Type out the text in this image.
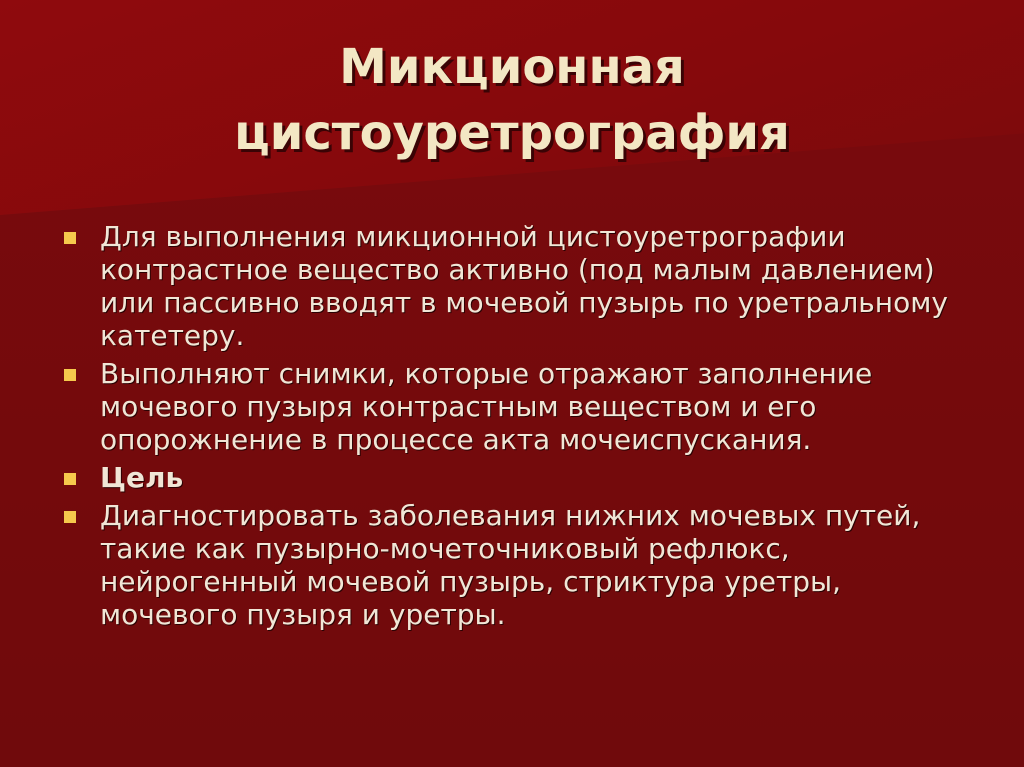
Микционная
цистоуретрография
Для выполнения микционной цистоуретрографии контрастное вещество активно (под малым давлением) или пассивно вводят в мочевой пузырь по уретральному катетеру.
Выполняют снимки, которые отражают заполнение мочевого пузыря контрастным веществом и его опорожнение в процессе акта мочеиспускания.
Цель
Диагностировать заболевания нижних мочевых путей, такие как пузырно-мочеточниковый рефлюкс, нейрогенный мочевой пузырь, стриктура уретры, мочевого пузыря и уретры.
